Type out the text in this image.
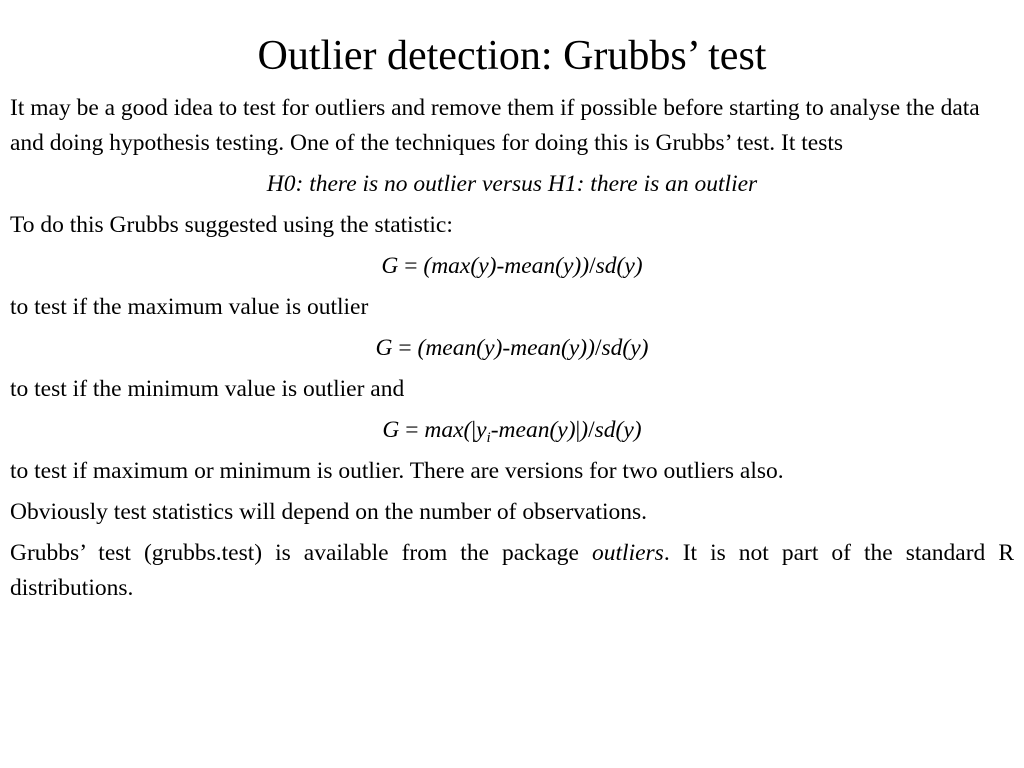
Outlier detection: Grubbs’ test

It may be a good idea to test for outliers and remove them if possible before starting to analyse the data and doing hypothesis testing. One of the techniques for doing this is Grubbs’ test. It tests

H0: there is no outlier versus H1: there is an outlier

To do this Grubbs suggested using the statistic:

G = (max(y)-mean(y))/sd(y)

to test if the maximum value is outlier

G = (mean(y)-mean(y))/sd(y)

to test if the minimum value is outlier and

$G = \max(|y_i-mean(y)|)/sd(y)$

to test if maximum or minimum is outlier. There are versions for two outliers also.

Obviously test statistics will depend on the number of observations.

Grubbs’ test (grubbs.test) is available from the package outliers. It is not part of the standard R distributions.
